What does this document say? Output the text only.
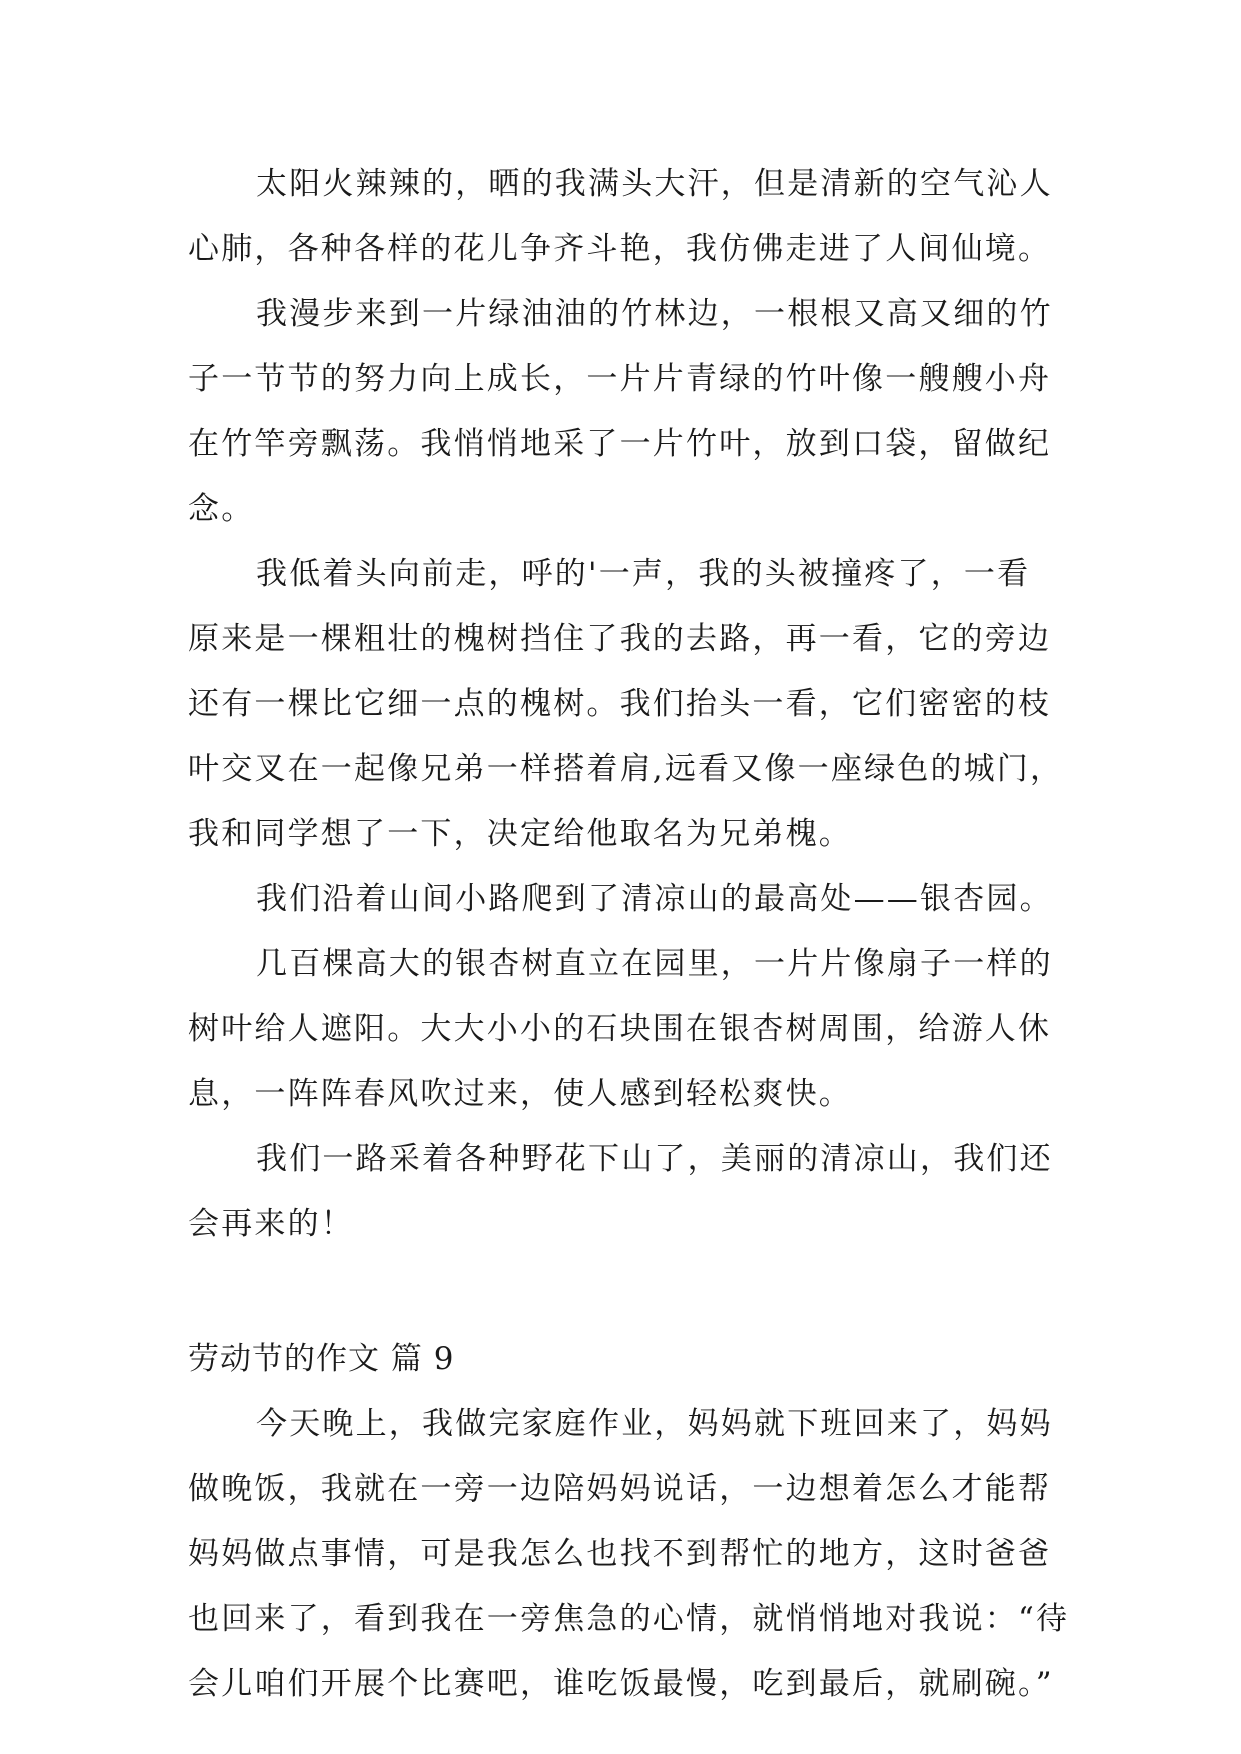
太阳火辣辣的，晒的我满头大汗，但是清新的空气沁人
心肺，各种各样的花儿争齐斗艳，我仿佛走进了人间仙境。
我漫步来到一片绿油油的竹林边，一根根又高又细的竹
子一节节的努力向上成长，一片片青绿的竹叶像一艘艘小舟
在竹竿旁飘荡。我悄悄地采了一片竹叶，放到口袋，留做纪
念。
我低着头向前走，呼的'一声，我的头被撞疼了，一看
原来是一棵粗壮的槐树挡住了我的去路，再一看，它的旁边
还有一棵比它细一点的槐树。我们抬头一看，它们密密的枝
叶交叉在一起像兄弟一样搭着肩,远看又像一座绿色的城门，
我和同学想了一下，决定给他取名为兄弟槐。
我们沿着山间小路爬到了清凉山的最高处——银杏园。
几百棵高大的银杏树直立在园里，一片片像扇子一样的
树叶给人遮阳。大大小小的石块围在银杏树周围，给游人休
息，一阵阵春风吹过来，使人感到轻松爽快。
我们一路采着各种野花下山了，美丽的清凉山，我们还
会再来的！
劳动节的作文 篇 9
今天晚上，我做完家庭作业，妈妈就下班回来了，妈妈
做晚饭，我就在一旁一边陪妈妈说话，一边想着怎么才能帮
妈妈做点事情，可是我怎么也找不到帮忙的地方，这时爸爸
也回来了，看到我在一旁焦急的心情，就悄悄地对我说：“待
会儿咱们开展个比赛吧，谁吃饭最慢，吃到最后，就刷碗。”
